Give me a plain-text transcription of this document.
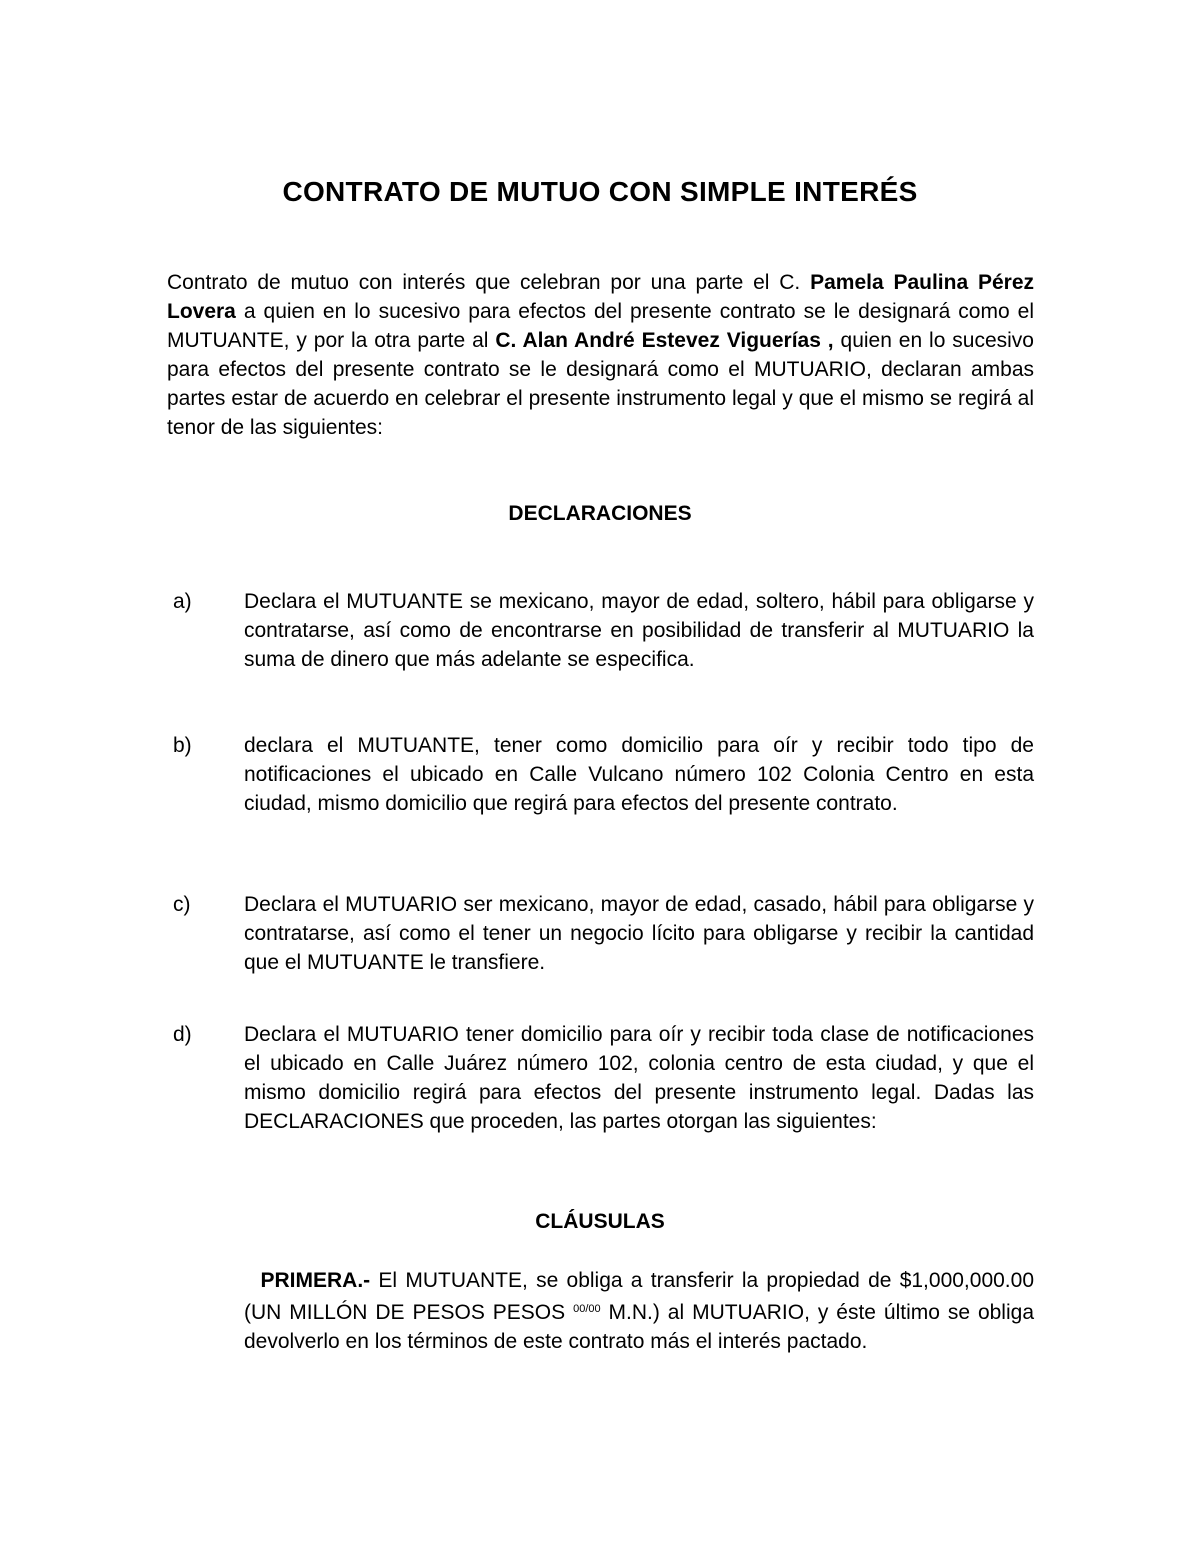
CONTRATO DE MUTUO CON SIMPLE INTERÉS

Contrato de mutuo con interés que celebran por una parte el C. Pamela Paulina Pérez Lovera a quien en lo sucesivo para efectos del presente contrato se le designará como el MUTUANTE, y por la otra parte al C. Alan André Estevez Viguerías , quien en lo sucesivo para efectos del presente contrato se le designará como el MUTUARIO, declaran ambas partes estar de acuerdo en celebrar el presente instrumento legal y que el mismo se regirá al tenor de las siguientes:

DECLARACIONES
a) Declara el MUTUANTE se mexicano, mayor de edad, soltero, hábil para obligarse y contratarse, así como de encontrarse en posibilidad de transferir al MUTUARIO la suma de dinero que más adelante se especifica.

b) declara el MUTUANTE, tener como domicilio para oír y recibir todo tipo de notificaciones el ubicado en Calle Vulcano número 102 Colonia Centro en esta ciudad, mismo domicilio que regirá para efectos del presente contrato.

c)	Declara el MUTUARIO ser mexicano, mayor de edad, casado, hábil para obligarse y contratarse, así como el tener un negocio lícito para obligarse y recibir la cantidad que el MUTUANTE le transfiere.

d) Declara el MUTUARIO tener domicilio para oír y recibir toda clase de notificaciones el ubicado en Calle Juárez número 102, colonia centro de esta ciudad, y que el mismo domicilio regirá para efectos del presente instrumento legal. Dadas las DECLARACIONES que proceden, las partes otorgan las siguientes:

CLÁUSULAS

PRIMERA.- El MUTUANTE, se obliga a transferir la propiedad de $1,000,000.00 (UN MILLÓN DE PESOS PESOS $^{00/00}$ M.N.) al MUTUARIO, y éste último se obliga devolverlo en los términos de este contrato más el interés pactado.
